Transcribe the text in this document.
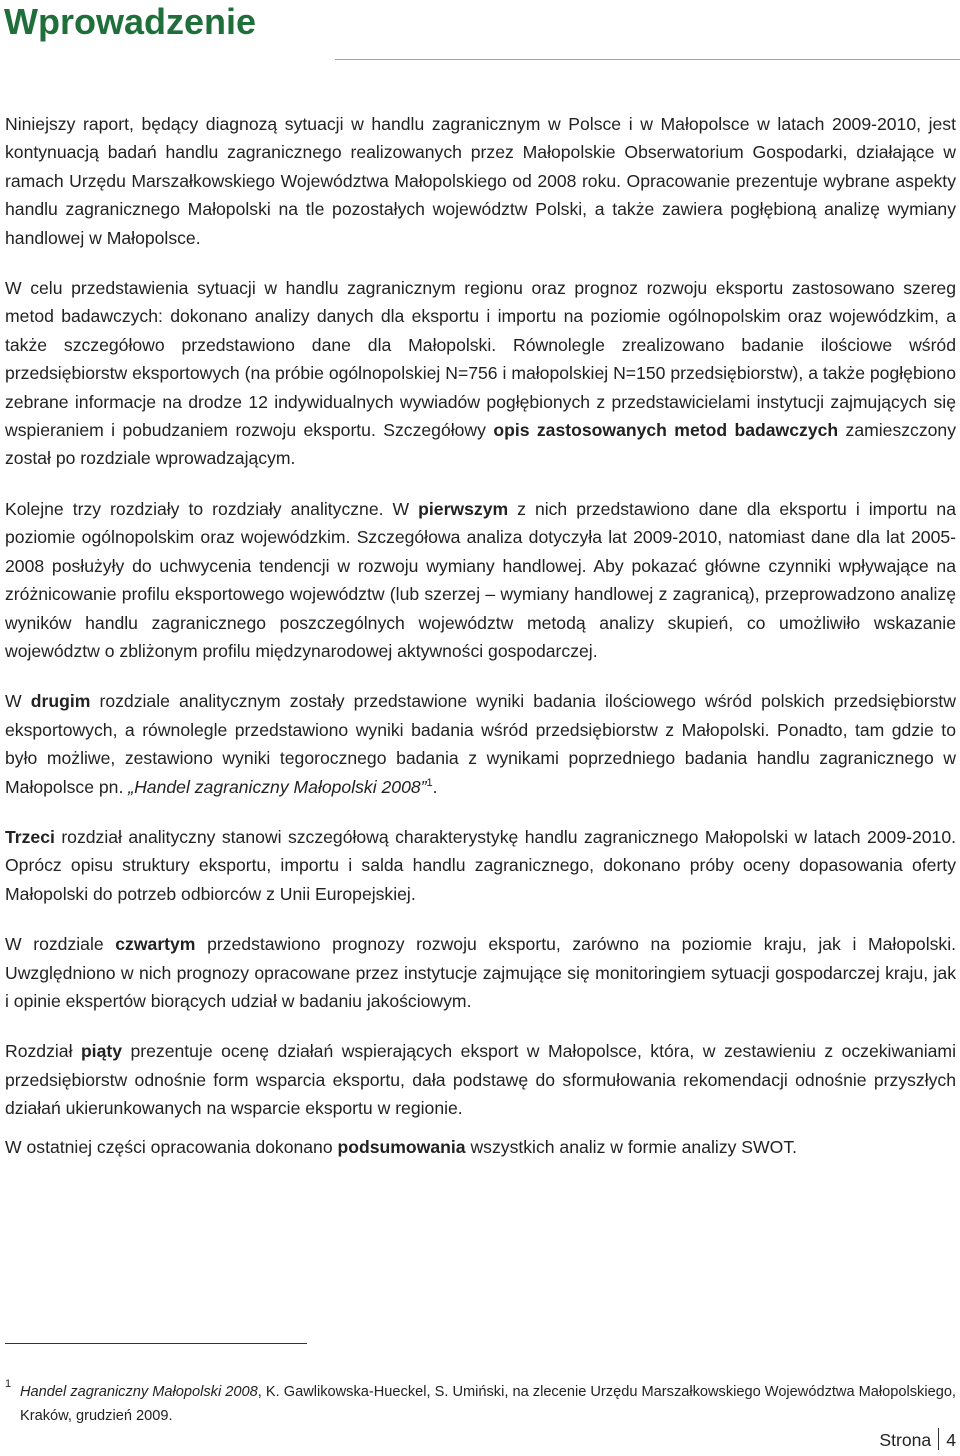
Wprowadzenie

Niniejszy raport, będący diagnozą sytuacji w handlu zagranicznym w Polsce i w Małopolsce w latach 2009-2010, jest kontynuacją badań handlu zagranicznego realizowanych przez Małopolskie Obserwatorium Gospodarki, działające w ramach Urzędu Marszałkowskiego Województwa Małopolskiego od 2008 roku. Opracowanie prezentuje wybrane aspekty handlu zagranicznego Małopolski na tle pozostałych województw Polski, a także zawiera pogłębioną analizę wymiany handlowej w Małopolsce.

W celu przedstawienia sytuacji w handlu zagranicznym regionu oraz prognoz rozwoju eksportu zastosowano szereg metod badawczych: dokonano analizy danych dla eksportu i importu na poziomie ogólnopolskim oraz wojewódzkim, a także szczegółowo przedstawiono dane dla Małopolski. Równolegle zrealizowano badanie ilościowe wśród przedsiębiorstw eksportowych (na próbie ogólnopolskiej N=756 i małopolskiej N=150 przedsiębiorstw), a także pogłębiono zebrane informacje na drodze 12 indywidualnych wywiadów pogłębionych z przedstawicielami instytucji zajmujących się wspieraniem i pobudzaniem rozwoju eksportu. Szczegółowy opis zastosowanych metod badawczych zamieszczony został po rozdziale wprowadzającym.

Kolejne trzy rozdziały to rozdziały analityczne. W pierwszym z nich przedstawiono dane dla eksportu i importu na poziomie ogólnopolskim oraz wojewódzkim. Szczegółowa analiza dotyczyła lat 2009-2010, natomiast dane dla lat 2005-2008 posłużyły do uchwycenia tendencji w rozwoju wymiany handlowej. Aby pokazać główne czynniki wpływające na zróżnicowanie profilu eksportowego województw (lub szerzej – wymiany handlowej z zagranicą), przeprowadzono analizę wyników handlu zagranicznego poszczególnych województw metodą analizy skupień, co umożliwiło wskazanie województw o zbliżonym profilu międzynarodowej aktywności gospodarczej.

W drugim rozdziale analitycznym zostały przedstawione wyniki badania ilościowego wśród polskich przedsiębiorstw eksportowych, a równolegle przedstawiono wyniki badania wśród przedsiębiorstw z Małopolski. Ponadto, tam gdzie to było możliwe, zestawiono wyniki tegorocznego badania z wynikami poprzedniego badania handlu zagranicznego w Małopolsce pn. „Handel zagraniczny Małopolski 2008”$^1$.

Trzeci rozdział analityczny stanowi szczegółową charakterystykę handlu zagranicznego Małopolski w latach 2009-2010. Oprócz opisu struktury eksportu, importu i salda handlu zagranicznego, dokonano próby oceny dopasowania oferty Małopolski do potrzeb odbiorców z Unii Europejskiej.

W rozdziale czwartym przedstawiono prognozy rozwoju eksportu, zarówno na poziomie kraju, jak i Małopolski. Uwzględniono w nich prognozy opracowane przez instytucje zajmujące się monitoringiem sytuacji gospodarczej kraju, jak i opinie ekspertów biorących udział w badaniu jakościowym.

Rozdział piąty prezentuje ocenę działań wspierających eksport w Małopolsce, która, w zestawieniu z oczekiwaniami przedsiębiorstw odnośnie form wsparcia eksportu, dała podstawę do sformułowania rekomendacji odnośnie przyszłych działań ukierunkowanych na wsparcie eksportu w regionie.

W ostatniej części opracowania dokonano podsumowania wszystkich analiz w formie analizy SWOT.

1 Handel zagraniczny Małopolski 2008, K. Gawlikowska-Hueckel, S. Umiński, na zlecenie Urzędu Marszałkowskiego Województwa Małopolskiego, Kraków, grudzień 2009.
Strona 4
